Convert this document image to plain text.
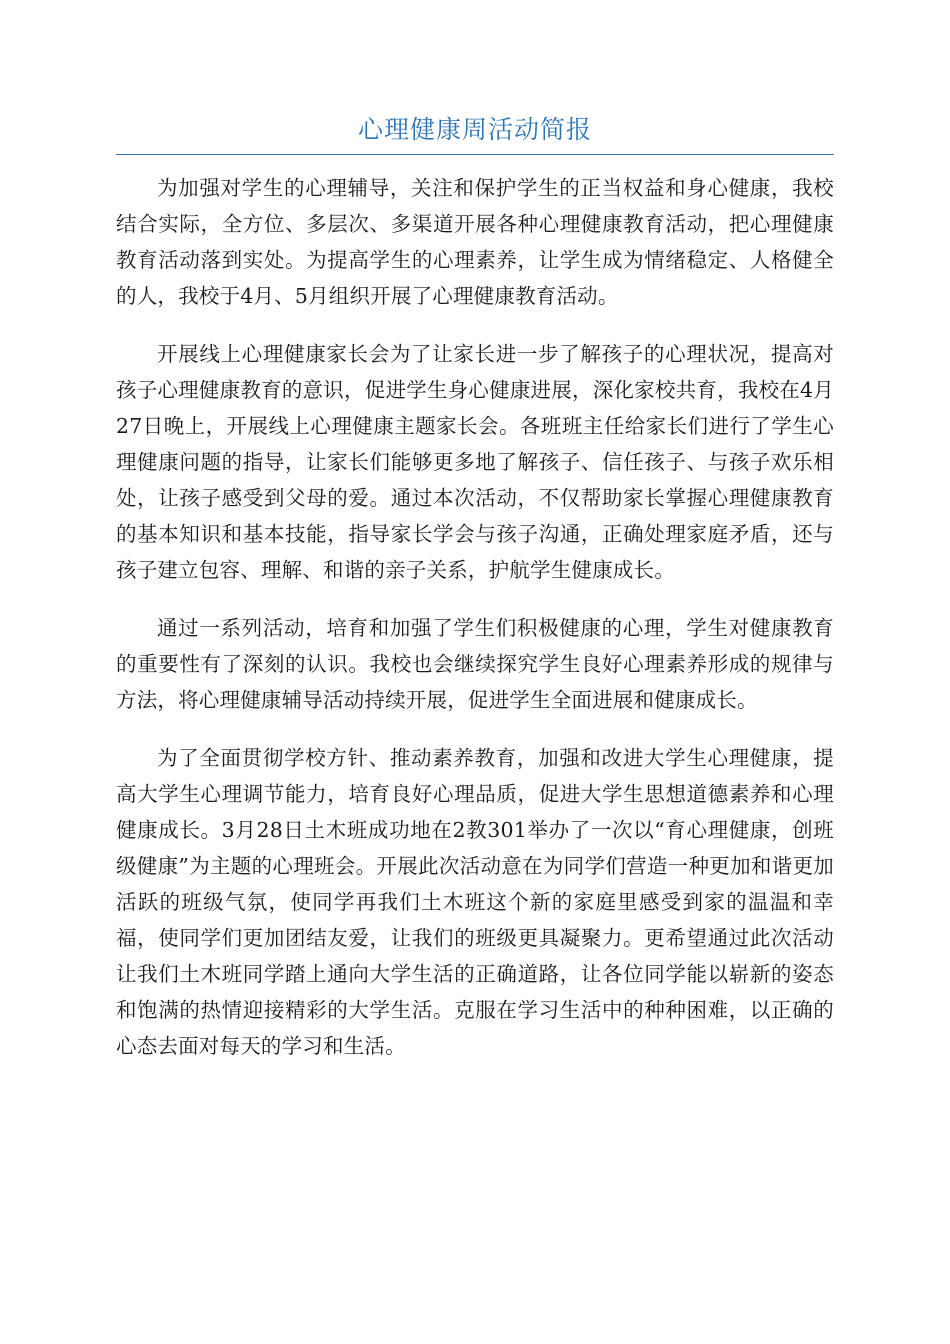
心理健康周活动简报

为加强对学生的心理辅导，关注和保护学生的正当权益和身心健康，我校结合实际，全方位、多层次、多渠道开展各种心理健康教育活动，把心理健康教育活动落到实处。为提高学生的心理素养，让学生成为情绪稳定、人格健全的人，我校于4月、5月组织开展了心理健康教育活动。

开展线上心理健康家长会为了让家长进一步了解孩子的心理状况，提高对孩子心理健康教育的意识，促进学生身心健康进展，深化家校共育，我校在4月27日晚上，开展线上心理健康主题家长会。各班班主任给家长们进行了学生心理健康问题的指导，让家长们能够更多地了解孩子、信任孩子、与孩子欢乐相处，让孩子感受到父母的爱。通过本次活动，不仅帮助家长掌握心理健康教育的基本知识和基本技能，指导家长学会与孩子沟通，正确处理家庭矛盾，还与孩子建立包容、理解、和谐的亲子关系，护航学生健康成长。

通过一系列活动，培育和加强了学生们积极健康的心理，学生对健康教育的重要性有了深刻的认识。我校也会继续探究学生良好心理素养形成的规律与方法，将心理健康辅导活动持续开展，促进学生全面进展和健康成长。

为了全面贯彻学校方针、推动素养教育，加强和改进大学生心理健康，提高大学生心理调节能力，培育良好心理品质，促进大学生思想道德素养和心理健康成长。3月28日土木班成功地在2教301举办了一次以“育心理健康，创班级健康”为主题的心理班会。开展此次活动意在为同学们营造一种更加和谐更加活跃的班级气氛，使同学再我们土木班这个新的家庭里感受到家的温温和幸福，使同学们更加团结友爱，让我们的班级更具凝聚力。更希望通过此次活动让我们土木班同学踏上通向大学生活的正确道路，让各位同学能以崭新的姿态和饱满的热情迎接精彩的大学生活。克服在学习生活中的种种困难，以正确的心态去面对每天的学习和生活。
